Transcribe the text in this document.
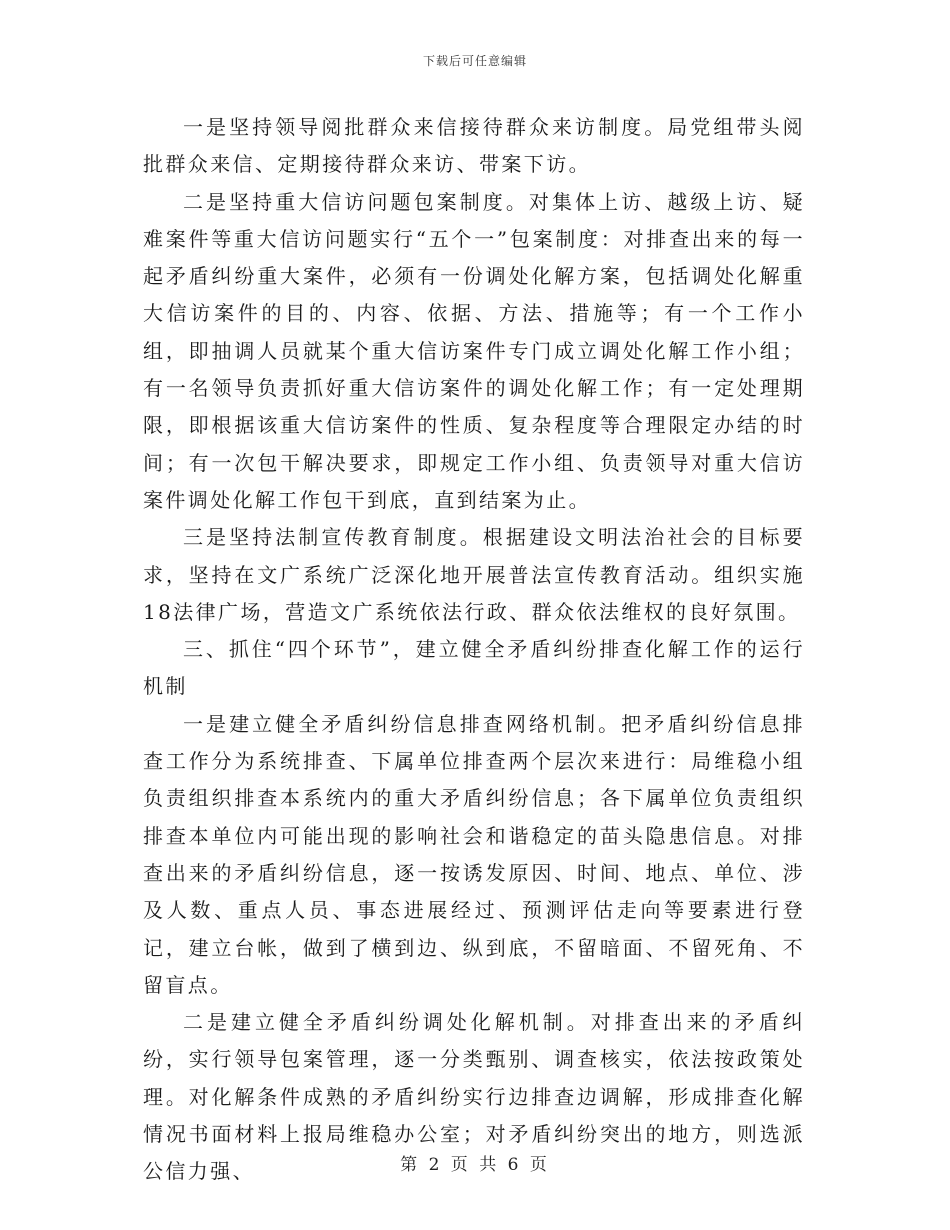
下载后可任意编辑

一是坚持领导阅批群众来信接待群众来访制度。局党组带头阅批群众来信、定期接待群众来访、带案下访。

二是坚持重大信访问题包案制度。对集体上访、越级上访、疑难案件等重大信访问题实行“五个一”包案制度：对排查出来的每一起矛盾纠纷重大案件，必须有一份调处化解方案，包括调处化解重大信访案件的目的、内容、依据、方法、措施等；有一个工作小组，即抽调人员就某个重大信访案件专门成立调处化解工作小组；有一名领导负责抓好重大信访案件的调处化解工作；有一定处理期限，即根据该重大信访案件的性质、复杂程度等合理限定办结的时间；有一次包干解决要求，即规定工作小组、负责领导对重大信访案件调处化解工作包干到底，直到结案为止。

三是坚持法制宣传教育制度。根据建设文明法治社会的目标要求，坚持在文广系统广泛深化地开展普法宣传教育活动。组织实施18法律广场，营造文广系统依法行政、群众依法维权的良好氛围。

三、抓住“四个环节”，建立健全矛盾纠纷排查化解工作的运行机制

一是建立健全矛盾纠纷信息排查网络机制。把矛盾纠纷信息排查工作分为系统排查、下属单位排查两个层次来进行：局维稳小组负责组织排查本系统内的重大矛盾纠纷信息；各下属单位负责组织排查本单位内可能出现的影响社会和谐稳定的苗头隐患信息。对排查出来的矛盾纠纷信息，逐一按诱发原因、时间、地点、单位、涉及人数、重点人员、事态进展经过、预测评估走向等要素进行登记，建立台帐，做到了横到边、纵到底，不留暗面、不留死角、不留盲点。

二是建立健全矛盾纠纷调处化解机制。对排查出来的矛盾纠纷，实行领导包案管理，逐一分类甄别、调查核实，依法按政策处理。对化解条件成熟的矛盾纠纷实行边排查边调解，形成排查化解情况书面材料上报局维稳办公室；对矛盾纠纷突出的地方，则选派公信力强、	第 2 页 共 6 页
